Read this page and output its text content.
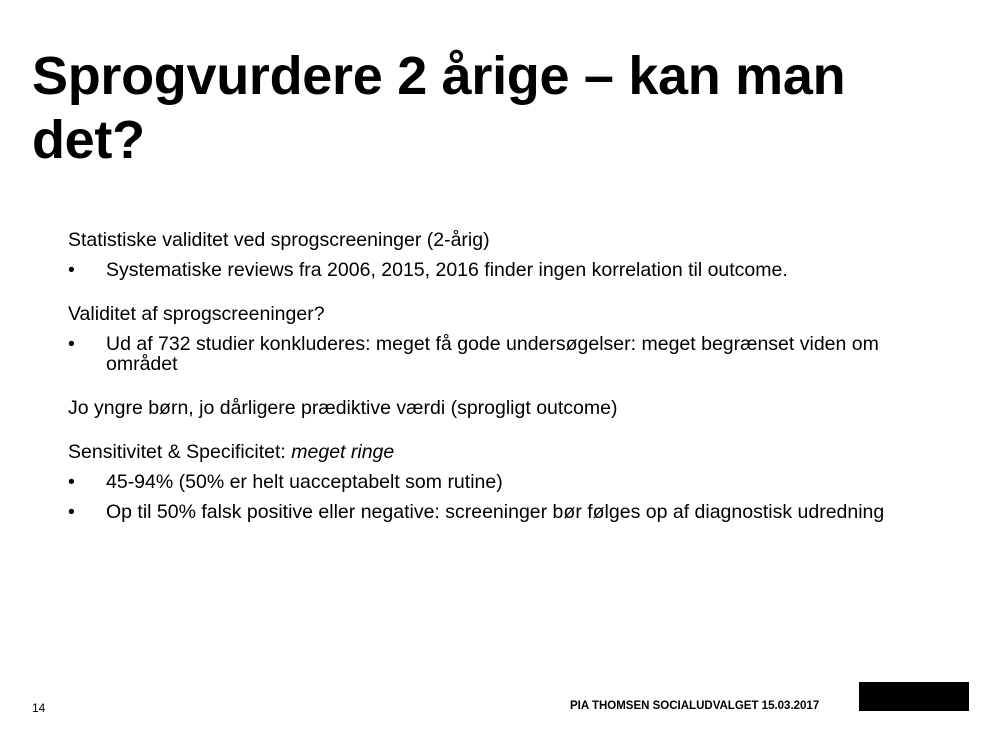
Sprogvurdere 2 årige – kan man det?

Statistiske validitet ved sprogscreeninger (2-årig)

• Systematiske reviews fra 2006, 2015, 2016 finder ingen korrelation til outcome.

Validitet af sprogscreeninger?

• Ud af 732 studier konkluderes: meget få gode undersøgelser: meget begrænset viden om området

Jo yngre børn, jo dårligere prædiktive værdi (sprogligt outcome)

Sensitivitet & Specificitet: meget ringe

• 45-94% (50% er helt uacceptabelt som rutine)
• Op til 50% falsk positive eller negative: screeninger bør følges op af diagnostisk udredning
14	PIA THOMSEN SOCIALUDVALGET 15.03.2017
